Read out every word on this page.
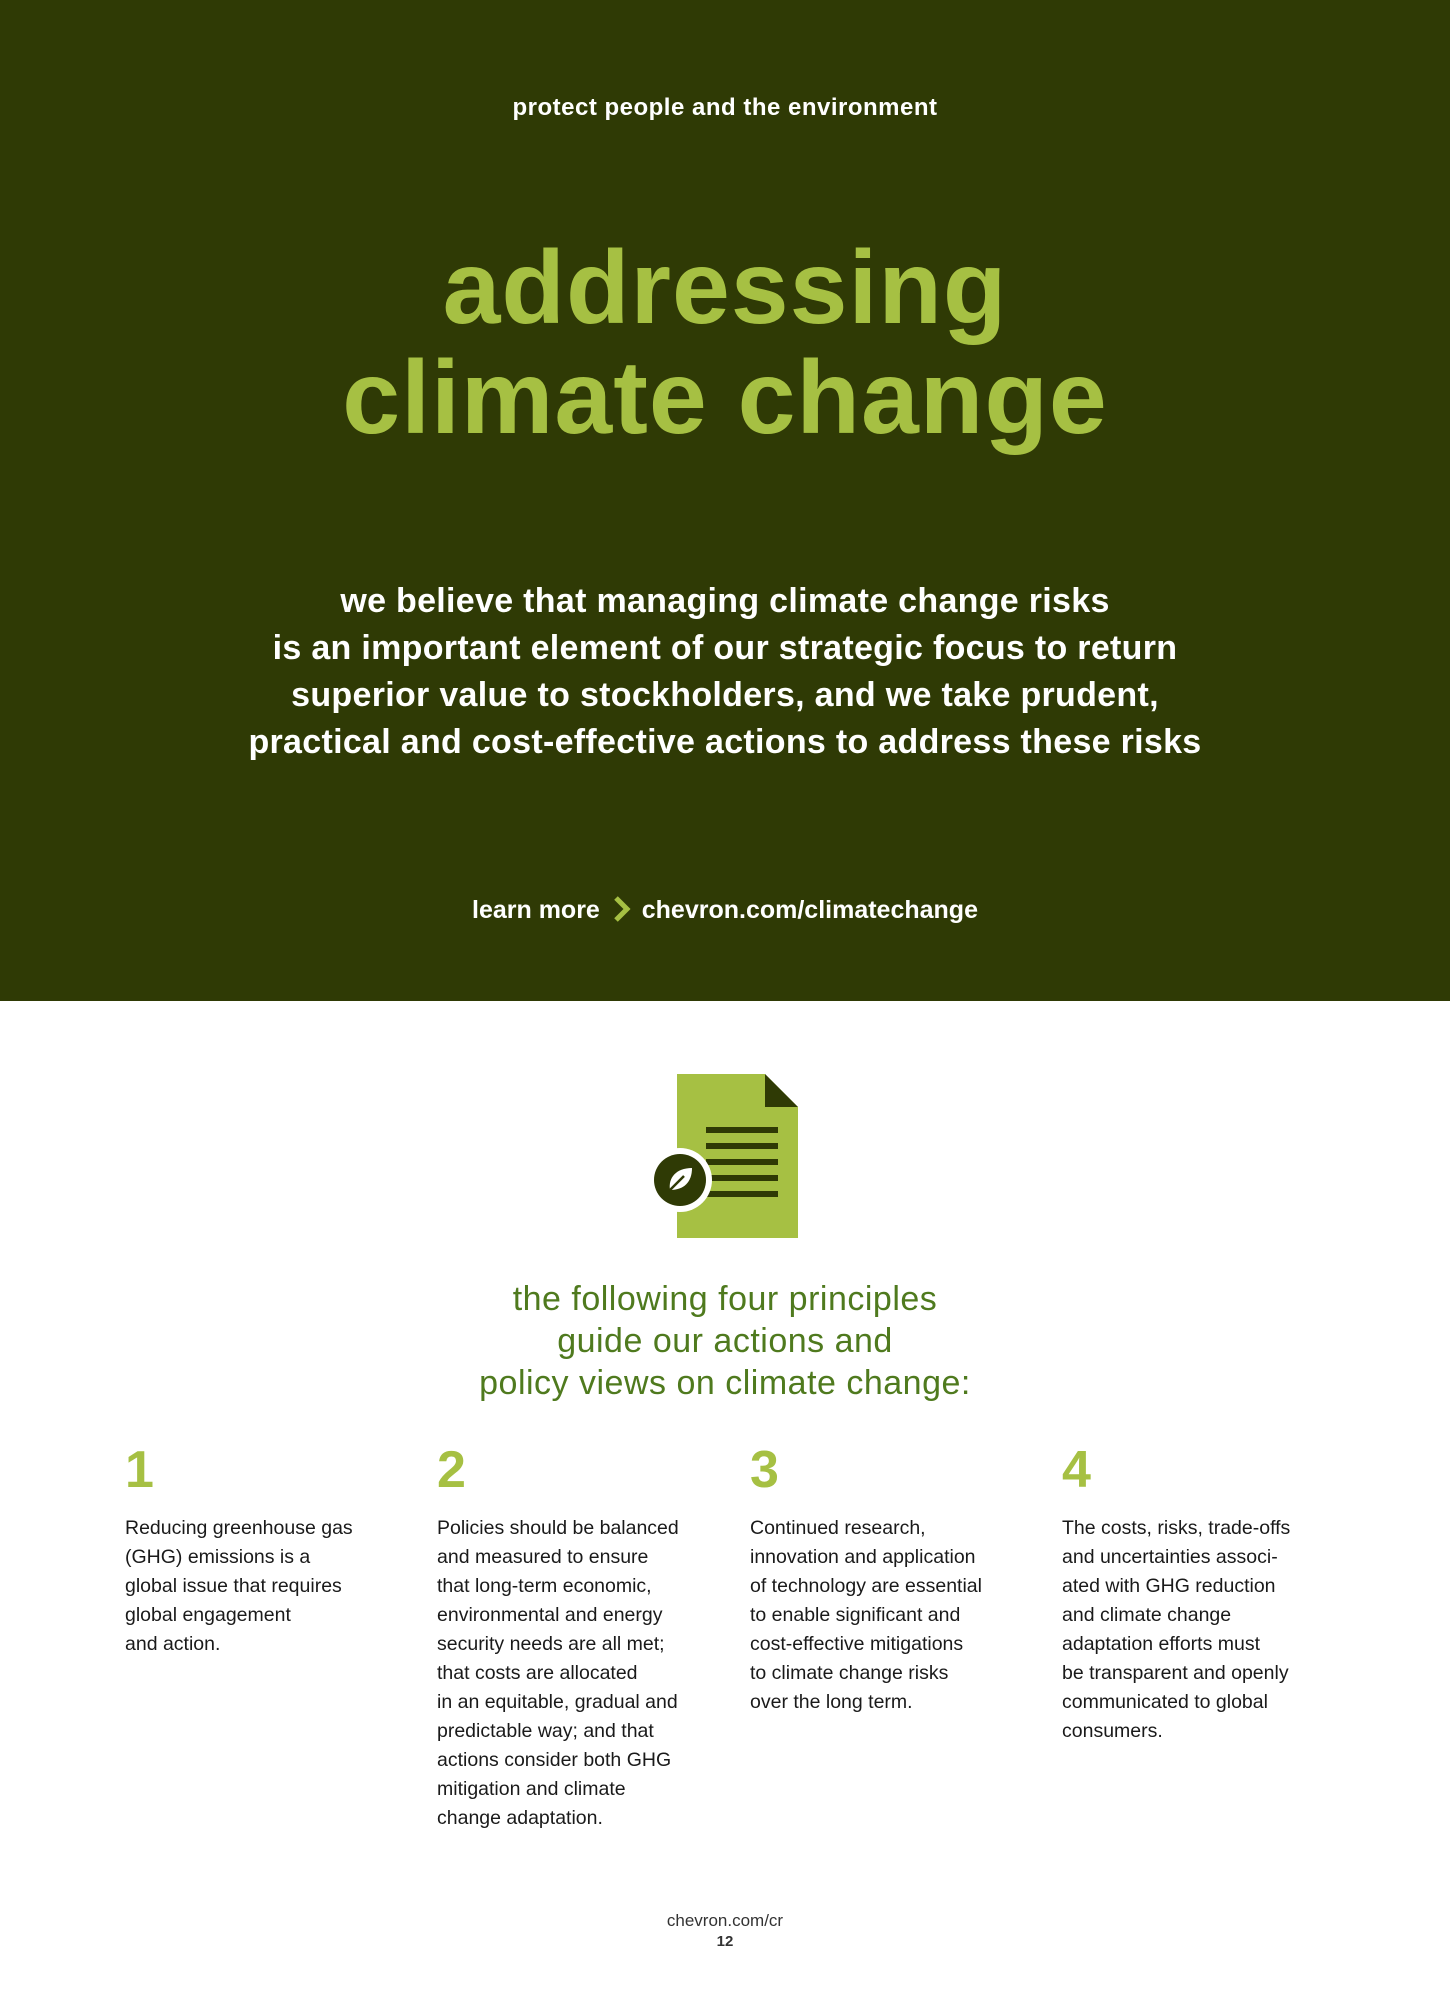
protect people and the environment
addressing
climate change
we believe that managing climate change risks
is an important element of our strategic focus to return
superior value to stockholders, and we take prudent,
practical and cost-effective actions to address these risks
learn more chevron.com/climatechange
the following four principles
guide our actions and
policy views on climate change:
1
Reducing greenhouse gas
(GHG) emissions is a
global issue that requires
global engagement
and action.
2
Policies should be balanced
and measured to ensure
that long-term economic,
environmental and energy
security needs are all met;
that costs are allocated
in an equitable, gradual and
predictable way; and that
actions consider both GHG
mitigation and climate
change adaptation.
3
Continued research,
innovation and application
of technology are essential
to enable significant and
cost-effective mitigations
to climate change risks
over the long term.
4
The costs, risks, trade-offs
and uncertainties associ-
ated with GHG reduction
and climate change
adaptation efforts must
be transparent and openly
communicated to global
consumers.
chevron.com/cr
12
